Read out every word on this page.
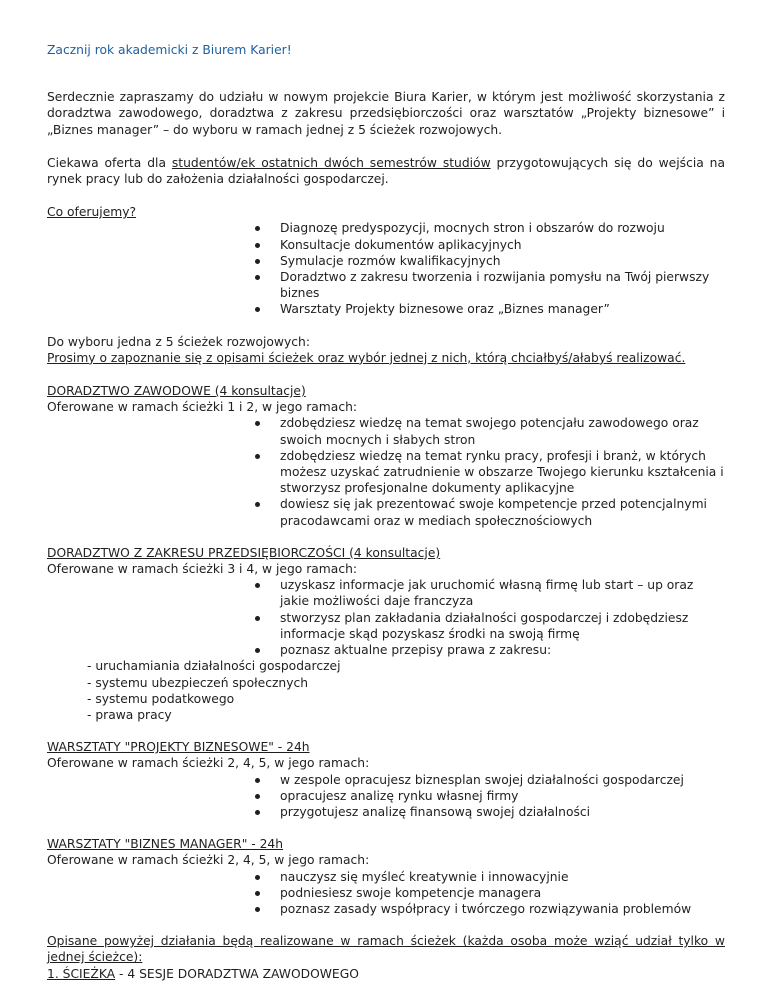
Zacznij rok akademicki z Biurem Karier!

Serdecznie zapraszamy do udziału w nowym projekcie Biura Karier, w którym jest możliwość skorzystania z doradztwa zawodowego, doradztwa z zakresu przedsiębiorczości oraz warsztatów „Projekty biznesowe” i „Biznes manager” – do wyboru w ramach jednej z 5 ścieżek rozwojowych.

Ciekawa oferta dla studentów/ek ostatnich dwóch semestrów studiów przygotowujących się do wejścia na rynek pracy lub do założenia działalności gospodarczej.

Co oferujemy?

Diagnozę predyspozycji, mocnych stron i obszarów do rozwoju
Konsultacje dokumentów aplikacyjnych
Symulacje rozmów kwalifikacyjnych
Doradztwo z zakresu tworzenia i rozwijania pomysłu na Twój pierwszy biznes
Warsztaty Projekty biznesowe oraz „Biznes manager”

Do wyboru jedna z 5 ścieżek rozwojowych:

Prosimy o zapoznanie się z opisami ścieżek oraz wybór jednej z nich, którą chciałbyś/ałabyś realizować.

DORADZTWO ZAWODOWE (4 konsultacje)

Oferowane w ramach ścieżki 1 i 2, w jego ramach:

zdobędziesz wiedzę na temat swojego potencjału zawodowego oraz swoich mocnych i słabych stron
zdobędziesz wiedzę na temat rynku pracy, profesji i branż, w których możesz uzyskać zatrudnienie w obszarze Twojego kierunku kształcenia i stworzysz profesjonalne dokumenty aplikacyjne
dowiesz się jak prezentować swoje kompetencje przed potencjalnymi pracodawcami oraz w mediach społecznościowych

DORADZTWO Z ZAKRESU PRZEDSIĘBIORCZOŚCI (4 konsultacje)

Oferowane w ramach ścieżki 3 i 4, w jego ramach:

uzyskasz informacje jak uruchomić własną firmę lub start – up oraz jakie możliwości daje franczyza
stworzysz plan zakładania działalności gospodarczej i zdobędziesz informacje skąd pozyskasz środki na swoją firmę
poznasz aktualne przepisy prawa z zakresu:

- uruchamiania działalności gospodarczej

- systemu ubezpieczeń społecznych

- systemu podatkowego

- prawa pracy

WARSZTATY "PROJEKTY BIZNESOWE" - 24h

Oferowane w ramach ścieżki 2, 4, 5, w jego ramach:

w zespole opracujesz biznesplan swojej działalności gospodarczej
opracujesz analizę rynku własnej firmy
przygotujesz analizę finansową swojej działalności

WARSZTATY "BIZNES MANAGER" - 24h

Oferowane w ramach ścieżki 2, 4, 5, w jego ramach:

nauczysz się myśleć kreatywnie i innowacyjnie
podniesiesz swoje kompetencje managera
poznasz zasady współpracy i twórczego rozwiązywania problemów

Opisane powyżej działania będą realizowane w ramach ścieżek (każda osoba może wziąć udział tylko w jednej ścieżce):

1. ŚCIEŻKA - 4 SESJE DORADZTWA ZAWODOWEGO
